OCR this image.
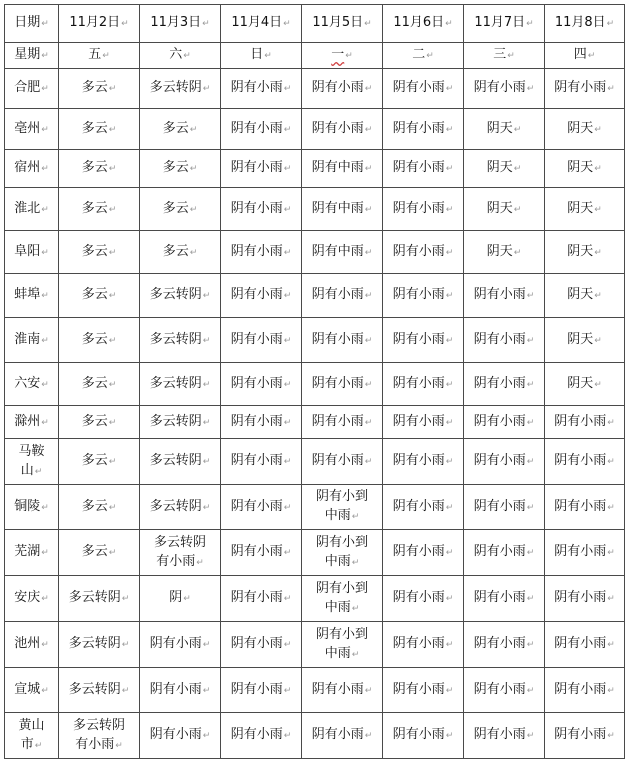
日期↵	11月2日↵	11月3日↵	11月4日↵	11月5日↵	11月6日↵	11月7日↵	11月8日↵
星期↵	五↵	六↵	日↵	一↵	二↵	三↵	四↵
合肥↵	多云↵	多云转阴↵	阴有小雨↵	阴有小雨↵	阴有小雨↵	阴有小雨↵	阴有小雨↵
亳州↵	多云↵	多云↵	阴有小雨↵	阴有小雨↵	阴有小雨↵	阴天↵	阴天↵
宿州↵	多云↵	多云↵	阴有小雨↵	阴有中雨↵	阴有小雨↵	阴天↵	阴天↵
淮北↵	多云↵	多云↵	阴有小雨↵	阴有中雨↵	阴有小雨↵	阴天↵	阴天↵
阜阳↵	多云↵	多云↵	阴有小雨↵	阴有中雨↵	阴有小雨↵	阴天↵	阴天↵
蚌埠↵	多云↵	多云转阴↵	阴有小雨↵	阴有小雨↵	阴有小雨↵	阴有小雨↵	阴天↵
淮南↵	多云↵	多云转阴↵	阴有小雨↵	阴有小雨↵	阴有小雨↵	阴有小雨↵	阴天↵
六安↵	多云↵	多云转阴↵	阴有小雨↵	阴有小雨↵	阴有小雨↵	阴有小雨↵	阴天↵
滁州↵	多云↵	多云转阴↵	阴有小雨↵	阴有小雨↵	阴有小雨↵	阴有小雨↵	阴有小雨↵
马鞍
山↵	多云↵	多云转阴↵	阴有小雨↵	阴有小雨↵	阴有小雨↵	阴有小雨↵	阴有小雨↵
铜陵↵	多云↵	多云转阴↵	阴有小雨↵	阴有小到
中雨↵	阴有小雨↵	阴有小雨↵	阴有小雨↵
芜湖↵	多云↵	多云转阴
有小雨↵	阴有小雨↵	阴有小到
中雨↵	阴有小雨↵	阴有小雨↵	阴有小雨↵
安庆↵	多云转阴↵	阴↵	阴有小雨↵	阴有小到
中雨↵	阴有小雨↵	阴有小雨↵	阴有小雨↵
池州↵	多云转阴↵	阴有小雨↵	阴有小雨↵	阴有小到
中雨↵	阴有小雨↵	阴有小雨↵	阴有小雨↵
宣城↵	多云转阴↵	阴有小雨↵	阴有小雨↵	阴有小雨↵	阴有小雨↵	阴有小雨↵	阴有小雨↵
黄山
市↵	多云转阴
有小雨↵	阴有小雨↵	阴有小雨↵	阴有小雨↵	阴有小雨↵	阴有小雨↵	阴有小雨↵
